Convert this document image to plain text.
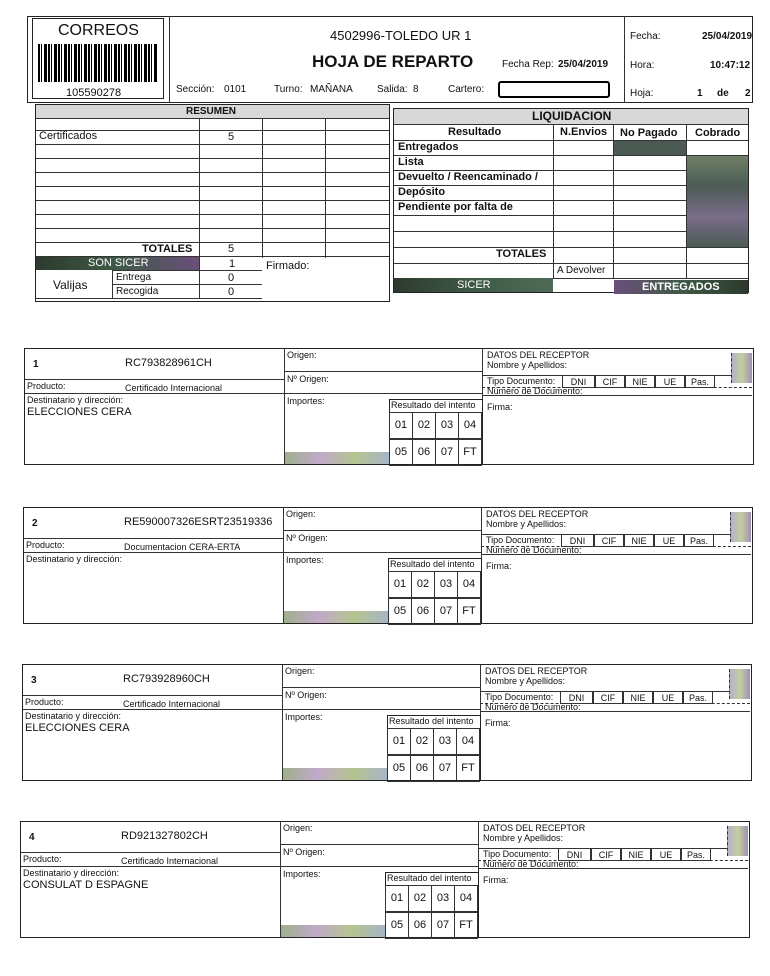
CORREOS
105590278
4502996-TOLEDO UR 1
HOJA DE REPARTO	Fecha Rep: 25/04/2019
Sección: 0101	Turno: MAÑANA Salida: 8	Cartero:
Fecha:	25/04/2019
Hora:	10:47:12
Hoja:	1 de 2
RESUMEN
Certificados	5
TOTALES	5
SON SICER	1	Firmado:
Valijas
Entrega	0
Recogida	0
LIQUIDACION
Resultado	N.Envios No Pagado Cobrado
Entregados
Lista
Devuelto / Reencaminado /
Depósito
Pendiente por falta de
TOTALES
A Devolver
SICER	ENTREGADOS
1	RC793828961CH
Producto:	Certificado Internacional
Destinatario y dirección:
ELECCIONES CERA
Origen:
Nº Origen:
Importes:	Resultado del intento
DATOS DEL RECEPTOR
Nombre y Apellidos:
Tipo Documento:
Número de Documento:
Firma:
DNI	CIF	NIE	UE	Pas.
01 02 03 04
05 06 07 FT
2	RE590007326ESRT23519336
Producto:	Documentacion CERA-ERTA
Destinatario y dirección:
Origen:
Nº Origen:
Importes:	Resultado del intento
DATOS DEL RECEPTOR
Nombre y Apellidos:
Tipo Documento:
Número de Documento:
Firma:
DNI	CIF	NIE	UE	Pas.
01 02 03 04
05 06 07 FT
3	RC793928960CH
Producto:	Certificado Internacional
Destinatario y dirección:
ELECCIONES CERA
Origen:
Nº Origen:
Importes:	Resultado del intento
DATOS DEL RECEPTOR
Nombre y Apellidos:
Tipo Documento:
Número de Documento:
Firma:
DNI	CIF	NIE	UE	Pas.
01 02 03 04
05 06 07 FT
4	RD921327802CH
Producto:	Certificado Internacional
Destinatario y dirección:
CONSULAT D ESPAGNE
Origen:
Nº Origen:
Importes:	Resultado del intento
DATOS DEL RECEPTOR
Nombre y Apellidos:
Tipo Documento:
Número de Documento:
Firma:
DNI	CIF	NIE	UE	Pas.
01 02 03 04
05 06 07 FT
